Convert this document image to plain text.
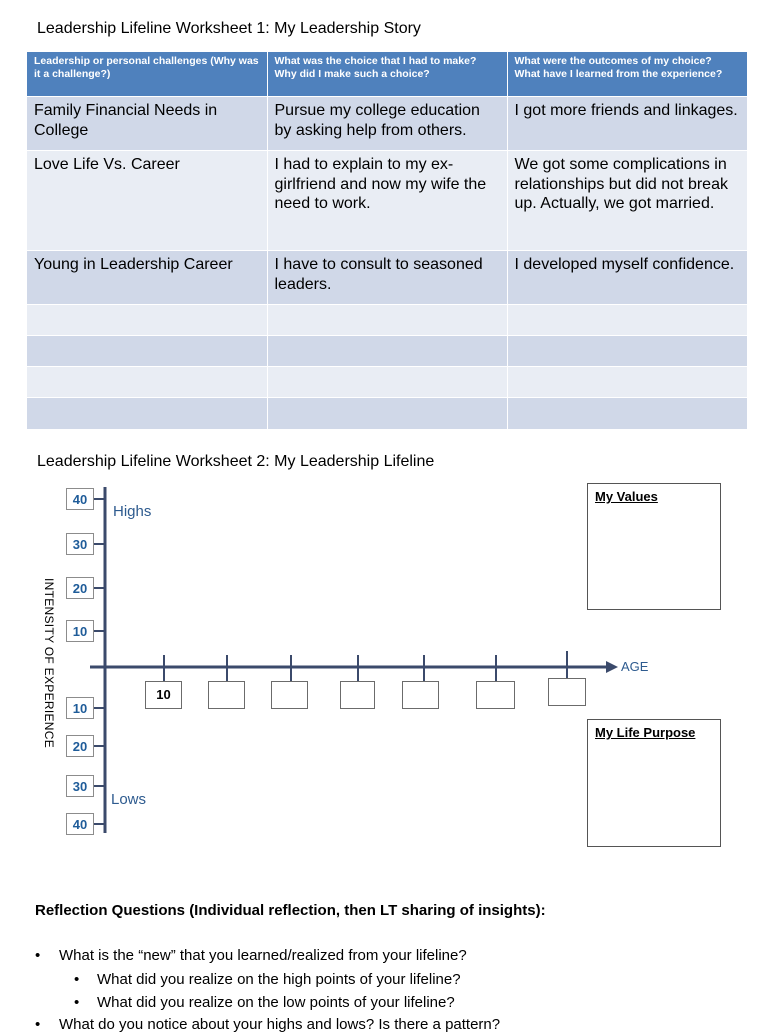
Leadership Lifeline Worksheet 1: My Leadership Story
Leadership or personal challenges (Why was it a challenge?)	What was the choice that I had to make? Why did I make such a choice?	What were the outcomes of my choice? What have I learned from the experience?
Family Financial Needs in College	Pursue my college education by asking help from others.	I got more friends and linkages.
Love Life Vs. Career	I had to explain to my ex-girlfriend and now my wife the need to work.	We got some complications in relationships but did not break up. Actually, we got married.
Young in Leadership Career	I have to consult to seasoned leaders.	I developed myself confidence.

Leadership Lifeline Worksheet 2: My Leadership Lifeline
40
30
20
10
10
20
30
40
Highs
Lows
AGE
INTENSITY OF EXPERIENCE	10
My Values
My Life Purpose
Reflection Questions (Individual reflection, then LT sharing of insights):
• What is the “new” that you learned/realized from your lifeline?
• What did you realize on the high points of your lifeline?
• What did you realize on the low points of your lifeline?
• What do you notice about your highs and lows? Is there a pattern?
